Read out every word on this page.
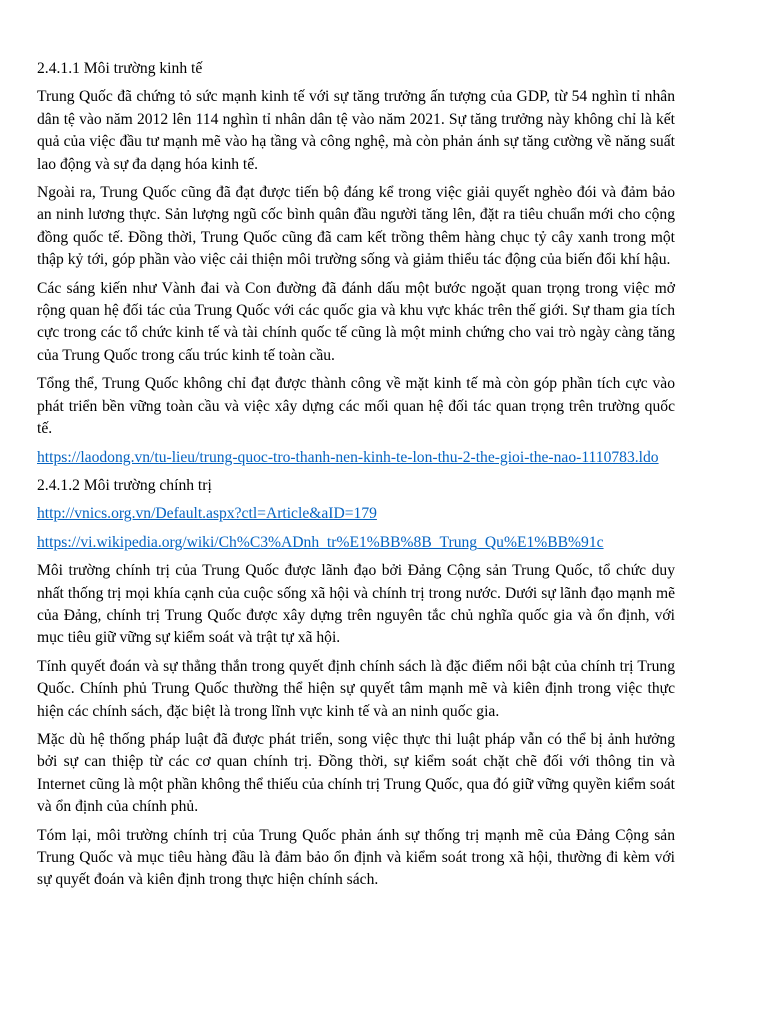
2.4.1.1 Môi trường kinh tế

Trung Quốc đã chứng tỏ sức mạnh kinh tế với sự tăng trưởng ấn tượng của GDP, từ 54 nghìn tỉ nhân dân tệ vào năm 2012 lên 114 nghìn tỉ nhân dân tệ vào năm 2021. Sự tăng trưởng này không chỉ là kết quả của việc đầu tư mạnh mẽ vào hạ tầng và công nghệ, mà còn phản ánh sự tăng cường về năng suất lao động và sự đa dạng hóa kinh tế.

Ngoài ra, Trung Quốc cũng đã đạt được tiến bộ đáng kể trong việc giải quyết nghèo đói và đảm bảo an ninh lương thực. Sản lượng ngũ cốc bình quân đầu người tăng lên, đặt ra tiêu chuẩn mới cho cộng đồng quốc tế. Đồng thời, Trung Quốc cũng đã cam kết trồng thêm hàng chục tỷ cây xanh trong một thập kỷ tới, góp phần vào việc cải thiện môi trường sống và giảm thiểu tác động của biến đổi khí hậu.

Các sáng kiến như Vành đai và Con đường đã đánh dấu một bước ngoặt quan trọng trong việc mở rộng quan hệ đối tác của Trung Quốc với các quốc gia và khu vực khác trên thế giới. Sự tham gia tích cực trong các tổ chức kinh tế và tài chính quốc tế cũng là một minh chứng cho vai trò ngày càng tăng của Trung Quốc trong cấu trúc kinh tế toàn cầu.

Tổng thể, Trung Quốc không chỉ đạt được thành công về mặt kinh tế mà còn góp phần tích cực vào phát triển bền vững toàn cầu và việc xây dựng các mối quan hệ đối tác quan trọng trên trường quốc tế.

https://laodong.vn/tu-lieu/trung-quoc-tro-thanh-nen-kinh-te-lon-thu-2-the-gioi-the-nao-1110783.ldo

2.4.1.2 Môi trường chính trị

http://vnics.org.vn/Default.aspx?ctl=Article&aID=179

https://vi.wikipedia.org/wiki/Ch%C3%ADnh_tr%E1%BB%8B_Trung_Qu%E1%BB%91c

Môi trường chính trị của Trung Quốc được lãnh đạo bởi Đảng Cộng sản Trung Quốc, tổ chức duy nhất thống trị mọi khía cạnh của cuộc sống xã hội và chính trị trong nước. Dưới sự lãnh đạo mạnh mẽ của Đảng, chính trị Trung Quốc được xây dựng trên nguyên tắc chủ nghĩa quốc gia và ổn định, với mục tiêu giữ vững sự kiểm soát và trật tự xã hội.

Tính quyết đoán và sự thẳng thắn trong quyết định chính sách là đặc điểm nổi bật của chính trị Trung Quốc. Chính phủ Trung Quốc thường thể hiện sự quyết tâm mạnh mẽ và kiên định trong việc thực hiện các chính sách, đặc biệt là trong lĩnh vực kinh tế và an ninh quốc gia.

Mặc dù hệ thống pháp luật đã được phát triển, song việc thực thi luật pháp vẫn có thể bị ảnh hưởng bởi sự can thiệp từ các cơ quan chính trị. Đồng thời, sự kiểm soát chặt chẽ đối với thông tin và Internet cũng là một phần không thể thiếu của chính trị Trung Quốc, qua đó giữ vững quyền kiểm soát và ổn định của chính phủ.

Tóm lại, môi trường chính trị của Trung Quốc phản ánh sự thống trị mạnh mẽ của Đảng Cộng sản Trung Quốc và mục tiêu hàng đầu là đảm bảo ổn định và kiểm soát trong xã hội, thường đi kèm với sự quyết đoán và kiên định trong thực hiện chính sách.
